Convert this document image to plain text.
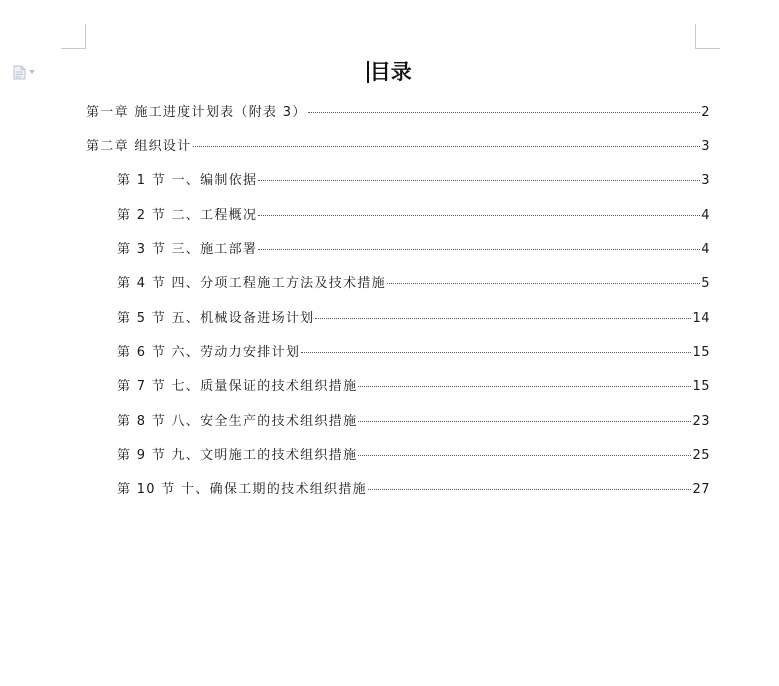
目录
第一章 施工进度计划表（附表 3）	2
第二章 组织设计	3
第 1 节 一、编制依据	3
第 2 节 二、工程概况	4
第 3 节 三、施工部署	4
第 4 节 四、分项工程施工方法及技术措施	5
第 5 节 五、机械设备进场计划	14
第 6 节 六、劳动力安排计划	15
第 7 节 七、质量保证的技术组织措施	15
第 8 节 八、安全生产的技术组织措施	23
第 9 节 九、文明施工的技术组织措施	25
第 10 节 十、确保工期的技术组织措施	27
